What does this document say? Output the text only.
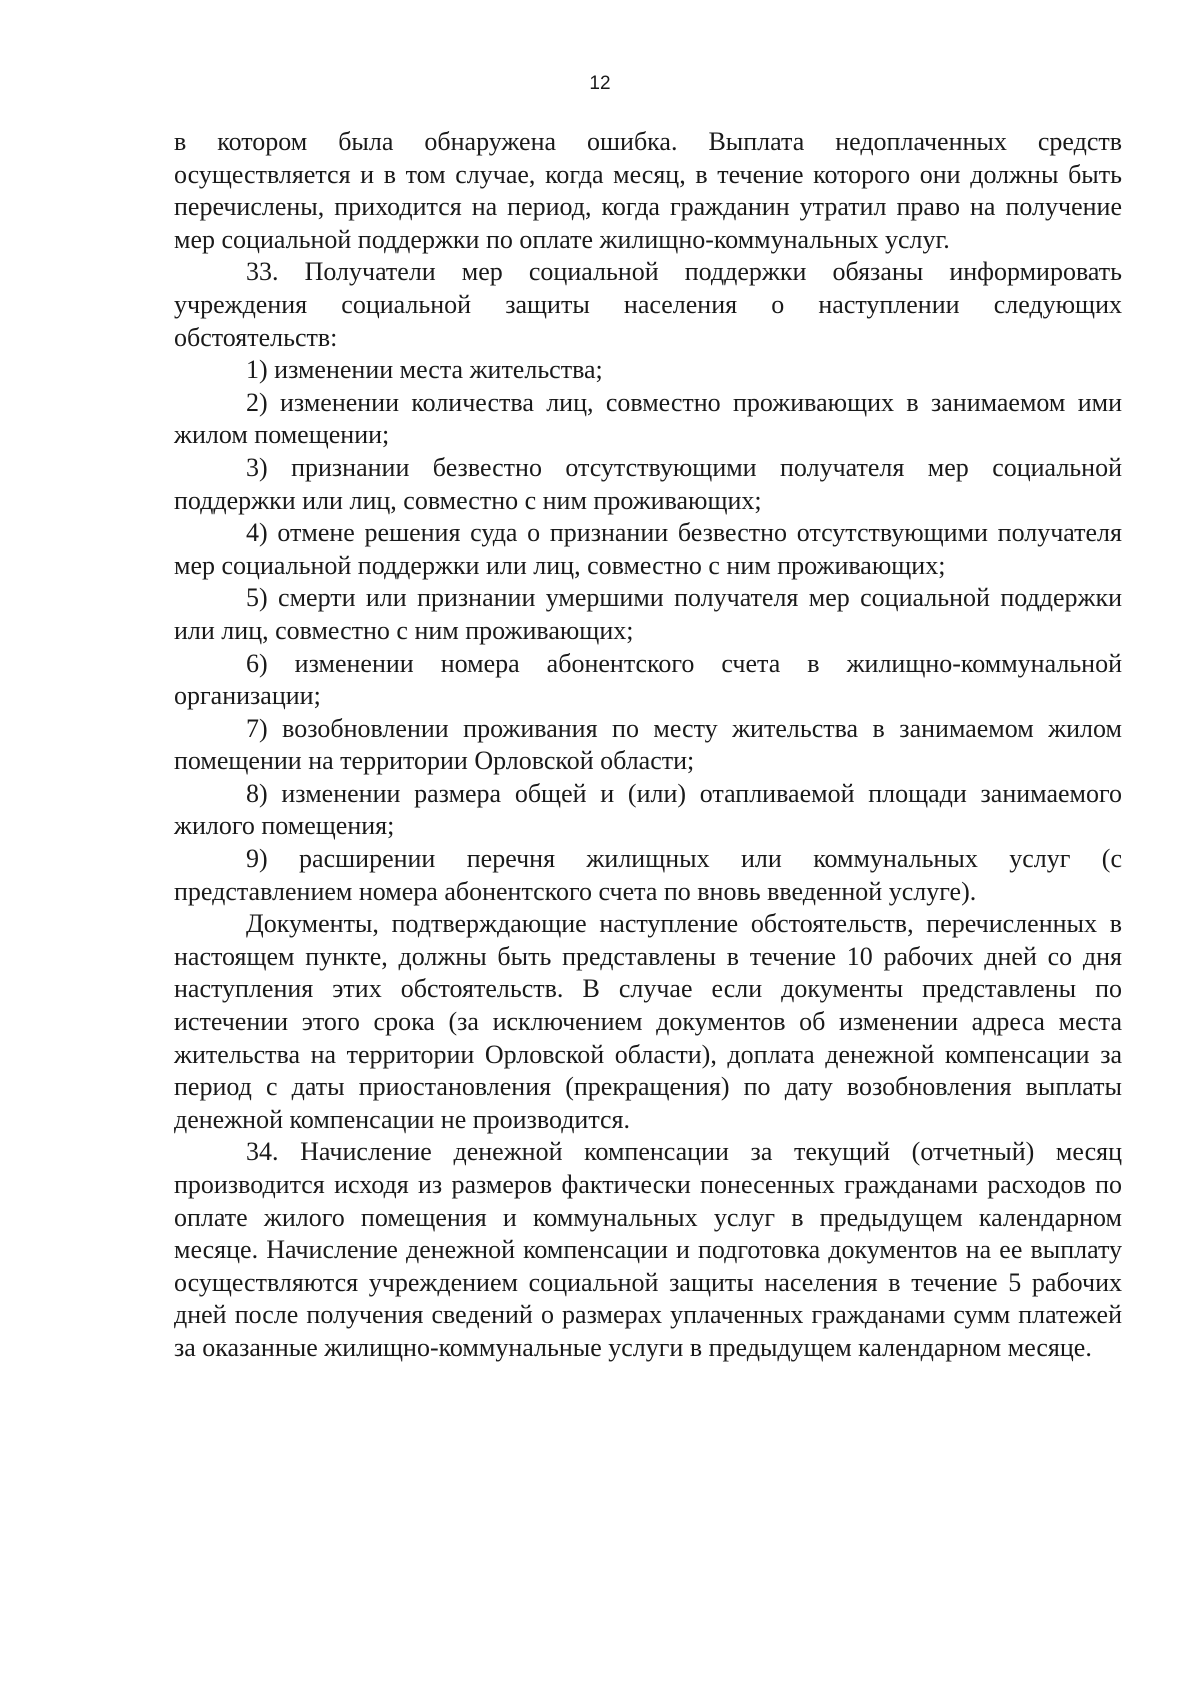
12

в котором была обнаружена ошибка. Выплата недоплаченных средств осуществляется и в том случае, когда месяц, в течение которого они должны быть перечислены, приходится на период, когда гражданин утратил право на получение мер социальной поддержки по оплате жилищно-коммунальных услуг.

33. Получатели мер социальной поддержки обязаны информировать учреждения социальной защиты населения о наступлении следующих обстоятельств:

1) изменении места жительства;

2) изменении количества лиц, совместно проживающих в занимаемом ими жилом помещении;

3) признании безвестно отсутствующими получателя мер социальной поддержки или лиц, совместно с ним проживающих;

4) отмене решения суда о признании безвестно отсутствующими получателя мер социальной поддержки или лиц, совместно с ним проживающих;

5) смерти или признании умершими получателя мер социальной поддержки или лиц, совместно с ним проживающих;

6) изменении номера абонентского счета в жилищно-коммунальной организации;

7) возобновлении проживания по месту жительства в занимаемом жилом помещении на территории Орловской области;

8) изменении размера общей и (или) отапливаемой площади занимаемого жилого помещения;

9) расширении перечня жилищных или коммунальных услуг (с представлением номера абонентского счета по вновь введенной услуге).

Документы, подтверждающие наступление обстоятельств, перечисленных в настоящем пункте, должны быть представлены в течение 10 рабочих дней со дня наступления этих обстоятельств. В случае если документы представлены по истечении этого срока (за исключением документов об изменении адреса места жительства на территории Орловской области), доплата денежной компенсации за период с даты приостановления (прекращения) по дату возобновления выплаты денежной компенсации не производится.

34. Начисление денежной компенсации за текущий (отчетный) месяц производится исходя из размеров фактически понесенных гражданами расходов по оплате жилого помещения и коммунальных услуг в предыдущем календарном месяце. Начисление денежной компенсации и подготовка документов на ее выплату осуществляются учреждением социальной защиты населения в течение 5 рабочих дней после получения сведений о размерах уплаченных гражданами сумм платежей за оказанные жилищно-коммунальные услуги в предыдущем календарном месяце.
